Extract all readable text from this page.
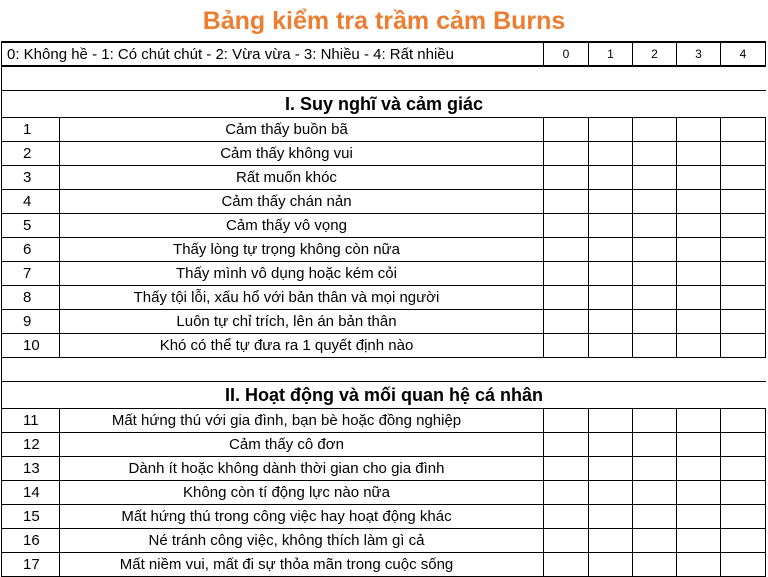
Bảng kiểm tra trầm cảm Burns
0: Không hề - 1: Có chút chút - 2: Vừa vừa - 3: Nhiều - 4: Rất nhiều	0	1	2	3	4
I. Suy nghĩ và cảm giác
1	Cảm thấy buồn bã
2	Cảm thấy không vui
3	Rất muốn khóc
4	Cảm thấy chán nản
5	Cảm thấy vô vọng
6	Thấy lòng tự trọng không còn nữa
7	Thấy mình vô dụng hoặc kém cỏi
8	Thấy tội lỗi, xấu hổ với bản thân và mọi người
9	Luôn tự chỉ trích, lên án bản thân
10	Khó có thể tự đưa ra 1 quyết định nào
II. Hoạt động và mối quan hệ cá nhân
11	Mất hứng thú với gia đình, bạn bè hoặc đồng nghiệp
12	Cảm thấy cô đơn
13	Dành ít hoặc không dành thời gian cho gia đình
14	Không còn tí động lực nào nữa
15	Mất hứng thú trong công việc hay hoạt động khác
16	Né tránh công việc, không thích làm gì cả
17	Mất niềm vui, mất đi sự thỏa mãn trong cuộc sống
